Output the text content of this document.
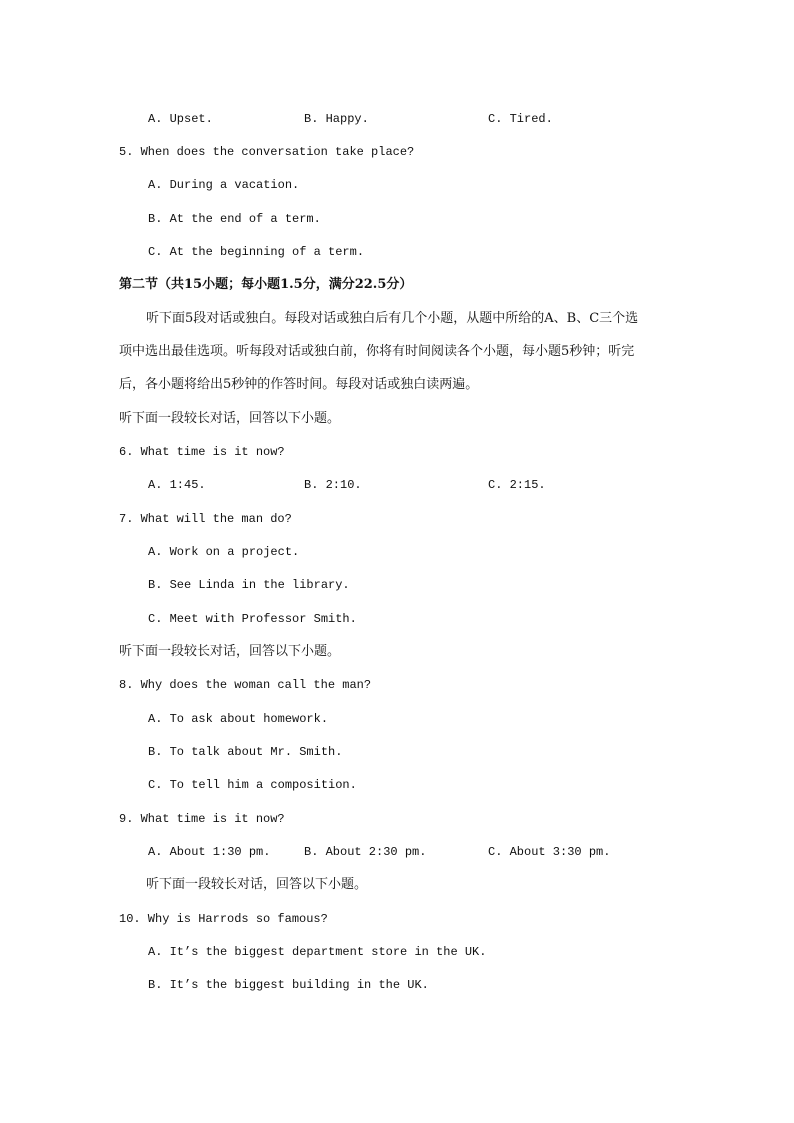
A. Upset.	B. Happy.	C. Tired.
5. When does the conversation take place?
A. During a vacation.
B. At the end of a term.
C. At the beginning of a term.
第二节（共15小题；每小题1.5分，满分22.5分）
听下面5段对话或独白。每段对话或独白后有几个小题，从题中所给的A、B、C三个选
项中选出最佳选项。听每段对话或独白前，你将有时间阅读各个小题，每小题5秒钟；听完
后，各小题将给出5秒钟的作答时间。每段对话或独白读两遍。
听下面一段较长对话，回答以下小题。
6. What time is it now?
A. 1:45.	B. 2:10.	C. 2:15.
7. What will the man do?
A. Work on a project.
B. See Linda in the library.
C. Meet with Professor Smith.
听下面一段较长对话，回答以下小题。
8. Why does the woman call the man?
A. To ask about homework.
B. To talk about Mr. Smith.
C. To tell him a composition.
9. What time is it now?
A. About 1:30 pm.	B. About 2:30 pm.	C. About 3:30 pm.
听下面一段较长对话，回答以下小题。
10. Why is Harrods so famous?
A. It’s the biggest department store in the UK.
B. It’s the biggest building in the UK.
